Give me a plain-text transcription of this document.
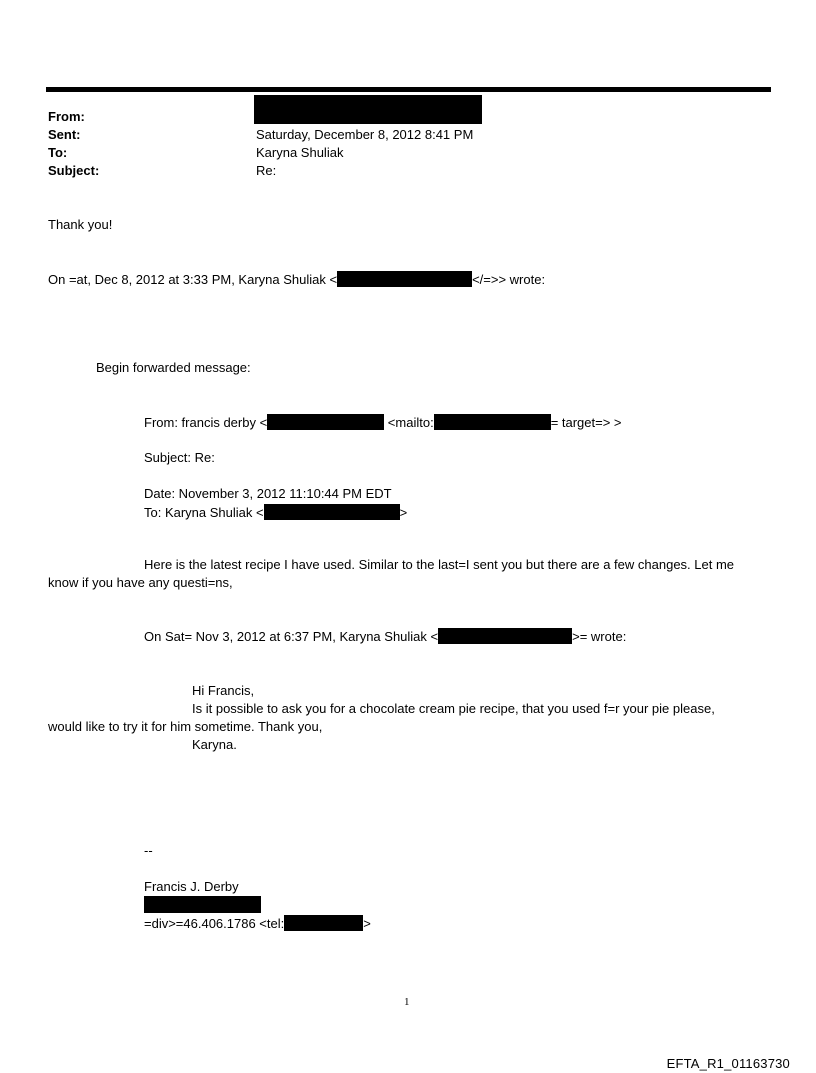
From:
Sent:	Saturday, December 8, 2012 8:41 PM
To:	Karyna Shuliak
Subject:	Re:
Thank you!
On =at, Dec 8, 2012 at 3:33 PM, Karyna Shuliak <	</=>> wrote:
Begin forwarded message:
From: francis derby <	<mailto:	= target=> >
Subject: Re:
Date: November 3, 2012 11:10:44 PM EDT
To: Karyna Shuliak <	>
Here is the latest recipe I have used. Similar to the last=I sent you but there are a few changes. Let me
know if you have any questi=ns,
On Sat= Nov 3, 2012 at 6:37 PM, Karyna Shuliak <	>= wrote:
Hi Francis,
Is it possible to ask you for a chocolate cream pie recipe, that you used f=r your pie please,
would like to try it for him sometime. Thank you,
Karyna.
--
Francis J. Derby
=div>=46.406.1786 <tel:	>
1
EFTA_R1_01163730
